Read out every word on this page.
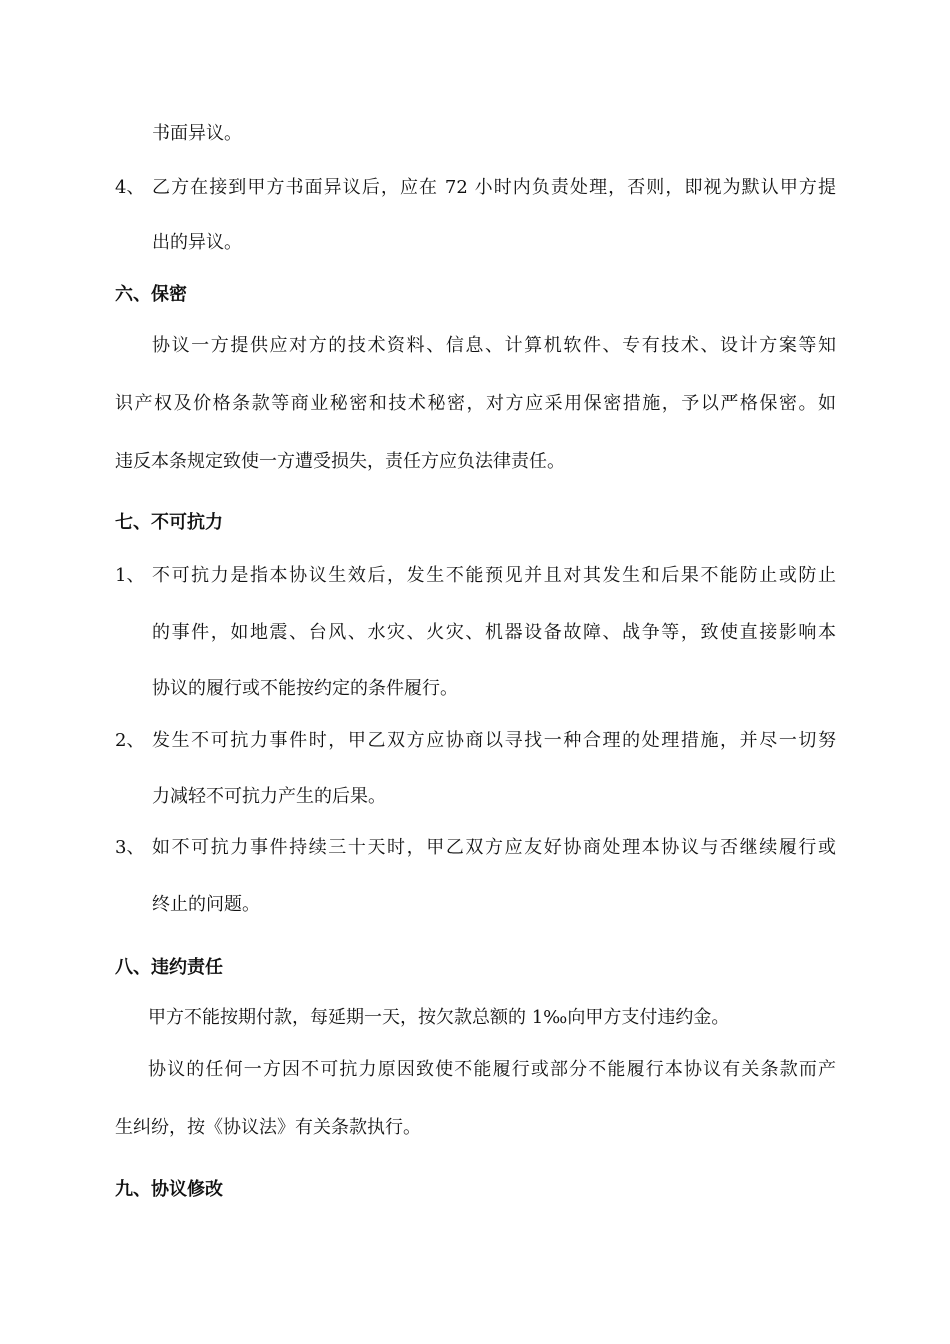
书面异议。
4、 乙方在接到甲方书面异议后，应在 72 小时内负责处理，否则，即视为默认甲方提
出的异议。
六、保密
协议一方提供应对方的技术资料、信息、计算机软件、专有技术、设计方案等知
识产权及价格条款等商业秘密和技术秘密，对方应采用保密措施，予以严格保密。如
违反本条规定致使一方遭受损失，责任方应负法律责任。
七、不可抗力
1、 不可抗力是指本协议生效后，发生不能预见并且对其发生和后果不能防止或防止
的事件，如地震、台风、水灾、火灾、机器设备故障、战争等，致使直接影响本
协议的履行或不能按约定的条件履行。
2、 发生不可抗力事件时，甲乙双方应协商以寻找一种合理的处理措施，并尽一切努
力减轻不可抗力产生的后果。
3、 如不可抗力事件持续三十天时，甲乙双方应友好协商处理本协议与否继续履行或
终止的问题。
八、违约责任
甲方不能按期付款，每延期一天，按欠款总额的 1‰向甲方支付违约金。
协议的任何一方因不可抗力原因致使不能履行或部分不能履行本协议有关条款而产
生纠纷，按《协议法》有关条款执行。
九、协议修改
